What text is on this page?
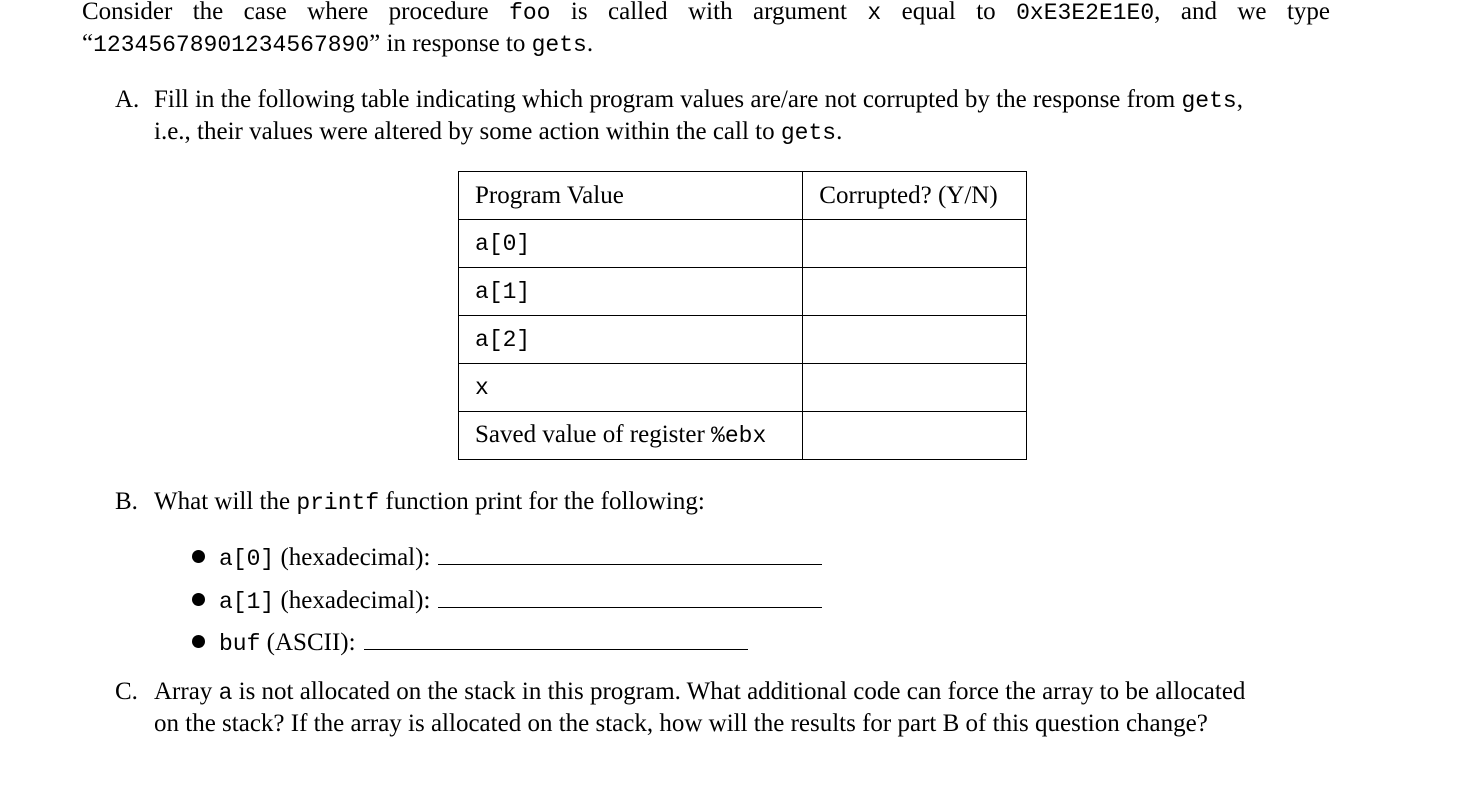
Consider the case where procedure foo is called with argument x equal to 0xE3E2E1E0, and we type
“12345678901234567890” in response to gets.
A. Fill in the following table indicating which program values are/are not corrupted by the response from gets,
i.e., their values were altered by some action within the call to gets.
Program Value	Corrupted? (Y/N)
a[0]	
a[1]	
a[2]	
x	
Saved value of register %ebx	
B. What will the printf function print for the following:
a[0] (hexadecimal):
a[1] (hexadecimal):
buf (ASCII):
C. Array a is not allocated on the stack in this program. What additional code can force the array to be allocated
on the stack? If the array is allocated on the stack, how will the results for part B of this question change?
